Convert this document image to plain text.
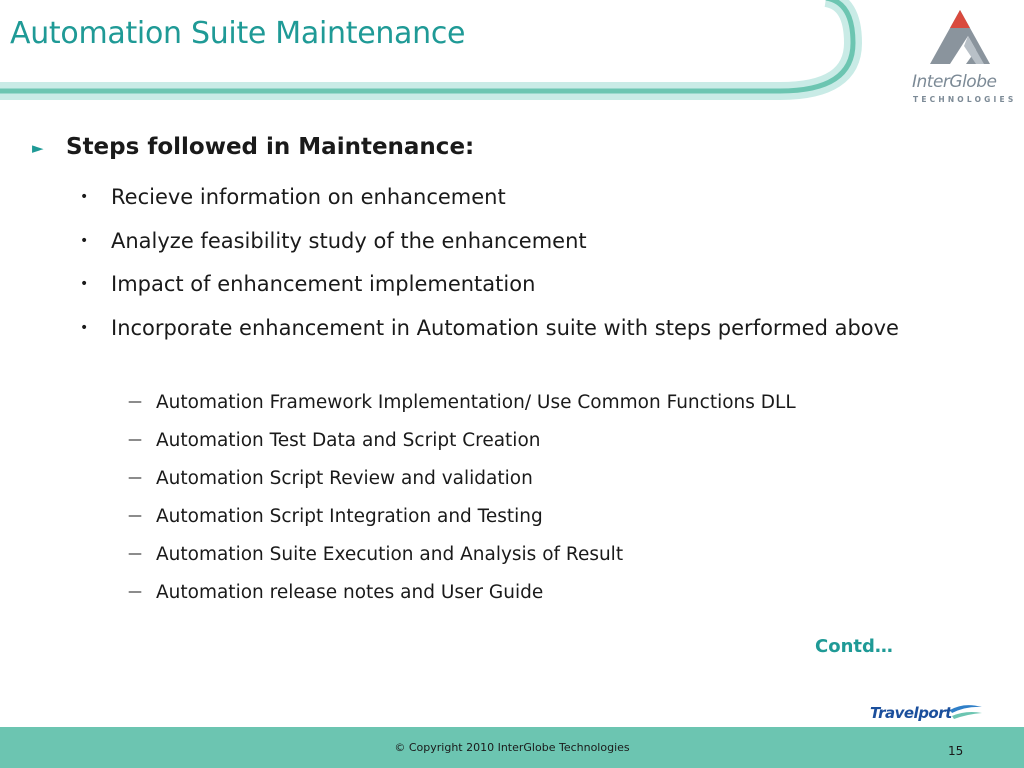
Automation Suite Maintenance
InterGlobe
TECHNOLOGIES
► Steps followed in Maintenance:
• Recieve information on enhancement
• Analyze feasibility study of the enhancement
• Impact of enhancement implementation
• Incorporate enhancement in Automation suite with steps performed above
— Automation Framework Implementation/ Use Common Functions DLL
— Automation Test Data and Script Creation
— Automation Script Review and validation
— Automation Script Integration and Testing
— Automation Suite Execution and Analysis of Result
— Automation release notes and User Guide
Contd…
Travelport
© Copyright 2010 InterGlobe Technologies	15
